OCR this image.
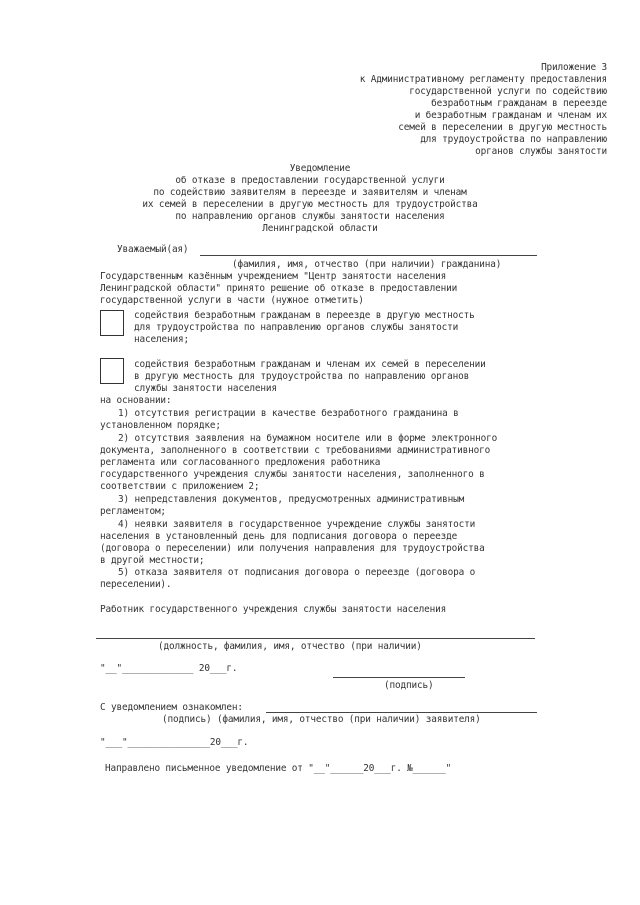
Приложение 3
к Административному регламенту предоставления
государственной услуги по содействию
безработным гражданам в переезде
и безработным гражданам и членам их
семей в переселении в другую местность
для трудоустройства по направлению
органов службы занятости
Уведомление
об отказе в предоставлении государственной услуги
по содействию заявителям в переезде и заявителям и членам
их семей в переселении в другую местность для трудоустройства
по направлению органов службы занятости населения
Ленинградской области
Уважаемый(ая)
(фамилия, имя, отчество (при наличии) гражданина)
Государственным казённым учреждением "Центр занятости населения
Ленинградской области" принято решение об отказе в предоставлении
государственной услуги в части (нужное отметить)
содействия безработным гражданам в переезде в другую местность
для трудоустройства по направлению органов службы занятости
населения;
содействия безработным гражданам и членам их семей в переселении
в другую местность для трудоустройства по направлению органов
службы занятости населения
на основании:
1) отсутствия регистрации в качестве безработного гражданина в
установленном порядке;
2) отсутствия заявления на бумажном носителе или в форме электронного
документа, заполненного в соответствии с требованиями административного
регламента или согласованного предложения работника
государственного учреждения службы занятости населения, заполненного в
соответствии с приложением 2;
3) непредставления документов, предусмотренных административным
регламентом;
4) неявки заявителя в государственное учреждение службы занятости
населения в установленный день для подписания договора о переезде
(договора о переселении) или получения направления для трудоустройства
в другой местности;
5) отказа заявителя от подписания договора о переезде (договора о
переселении).
Работник государственного учреждения службы занятости населения
(должность, фамилия, имя, отчество (при наличии)
"__"_____________ 20___г.
(подпись)
С уведомлением ознакомлен:
(подпись) (фамилия, имя, отчество (при наличии) заявителя)
"___"_______________20___г.
Направлено письменное уведомление от "__"______20___г. №______"
